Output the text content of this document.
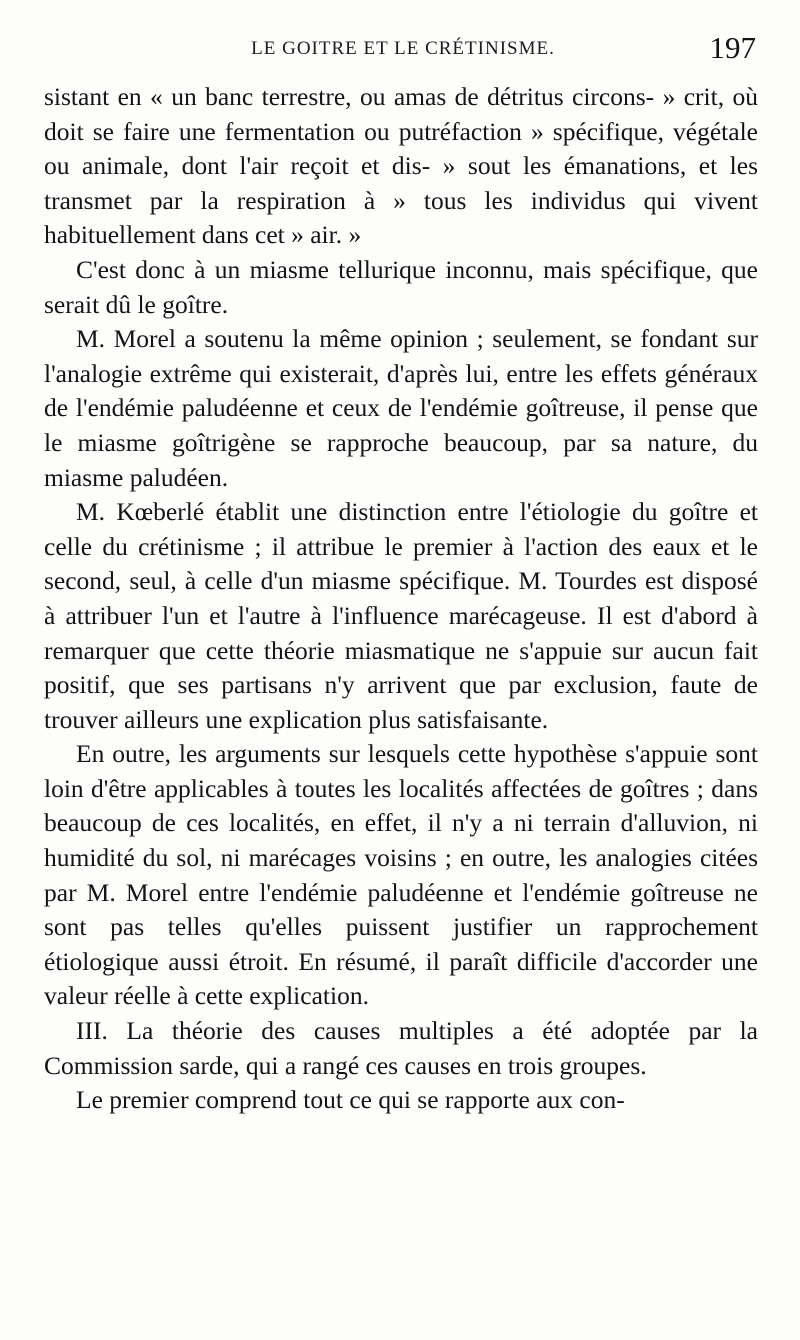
LE GOITRE ET LE CRÉTINISME.	197

sistant en « un banc terrestre, ou amas de détritus circons- » crit, où doit se faire une fermentation ou putréfaction » spécifique, végétale ou animale, dont l'air reçoit et dis- » sout les émanations, et les transmet par la respiration à » tous les individus qui vivent habituellement dans cet » air. »

C'est donc à un miasme tellurique inconnu, mais spécifique, que serait dû le goître.

M. Morel a soutenu la même opinion ; seulement, se fondant sur l'analogie extrême qui existerait, d'après lui, entre les effets généraux de l'endémie paludéenne et ceux de l'endémie goîtreuse, il pense que le miasme goîtrigène se rapproche beaucoup, par sa nature, du miasme paludéen.

M. Kœberlé établit une distinction entre l'étiologie du goître et celle du crétinisme ; il attribue le premier à l'action des eaux et le second, seul, à celle d'un miasme spécifique. M. Tourdes est disposé à attribuer l'un et l'autre à l'influence marécageuse. Il est d'abord à remarquer que cette théorie miasmatique ne s'appuie sur aucun fait positif, que ses partisans n'y arrivent que par exclusion, faute de trouver ailleurs une explication plus satisfaisante.

En outre, les arguments sur lesquels cette hypothèse s'appuie sont loin d'être applicables à toutes les localités affectées de goîtres ; dans beaucoup de ces localités, en effet, il n'y a ni terrain d'alluvion, ni humidité du sol, ni marécages voisins ; en outre, les analogies citées par M. Morel entre l'endémie paludéenne et l'endémie goîtreuse ne sont pas telles qu'elles puissent justifier un rapprochement étiologique aussi étroit. En résumé, il paraît difficile d'accorder une valeur réelle à cette explication.

III. La théorie des causes multiples a été adoptée par la Commission sarde, qui a rangé ces causes en trois groupes.

Le premier comprend tout ce qui se rapporte aux con-
